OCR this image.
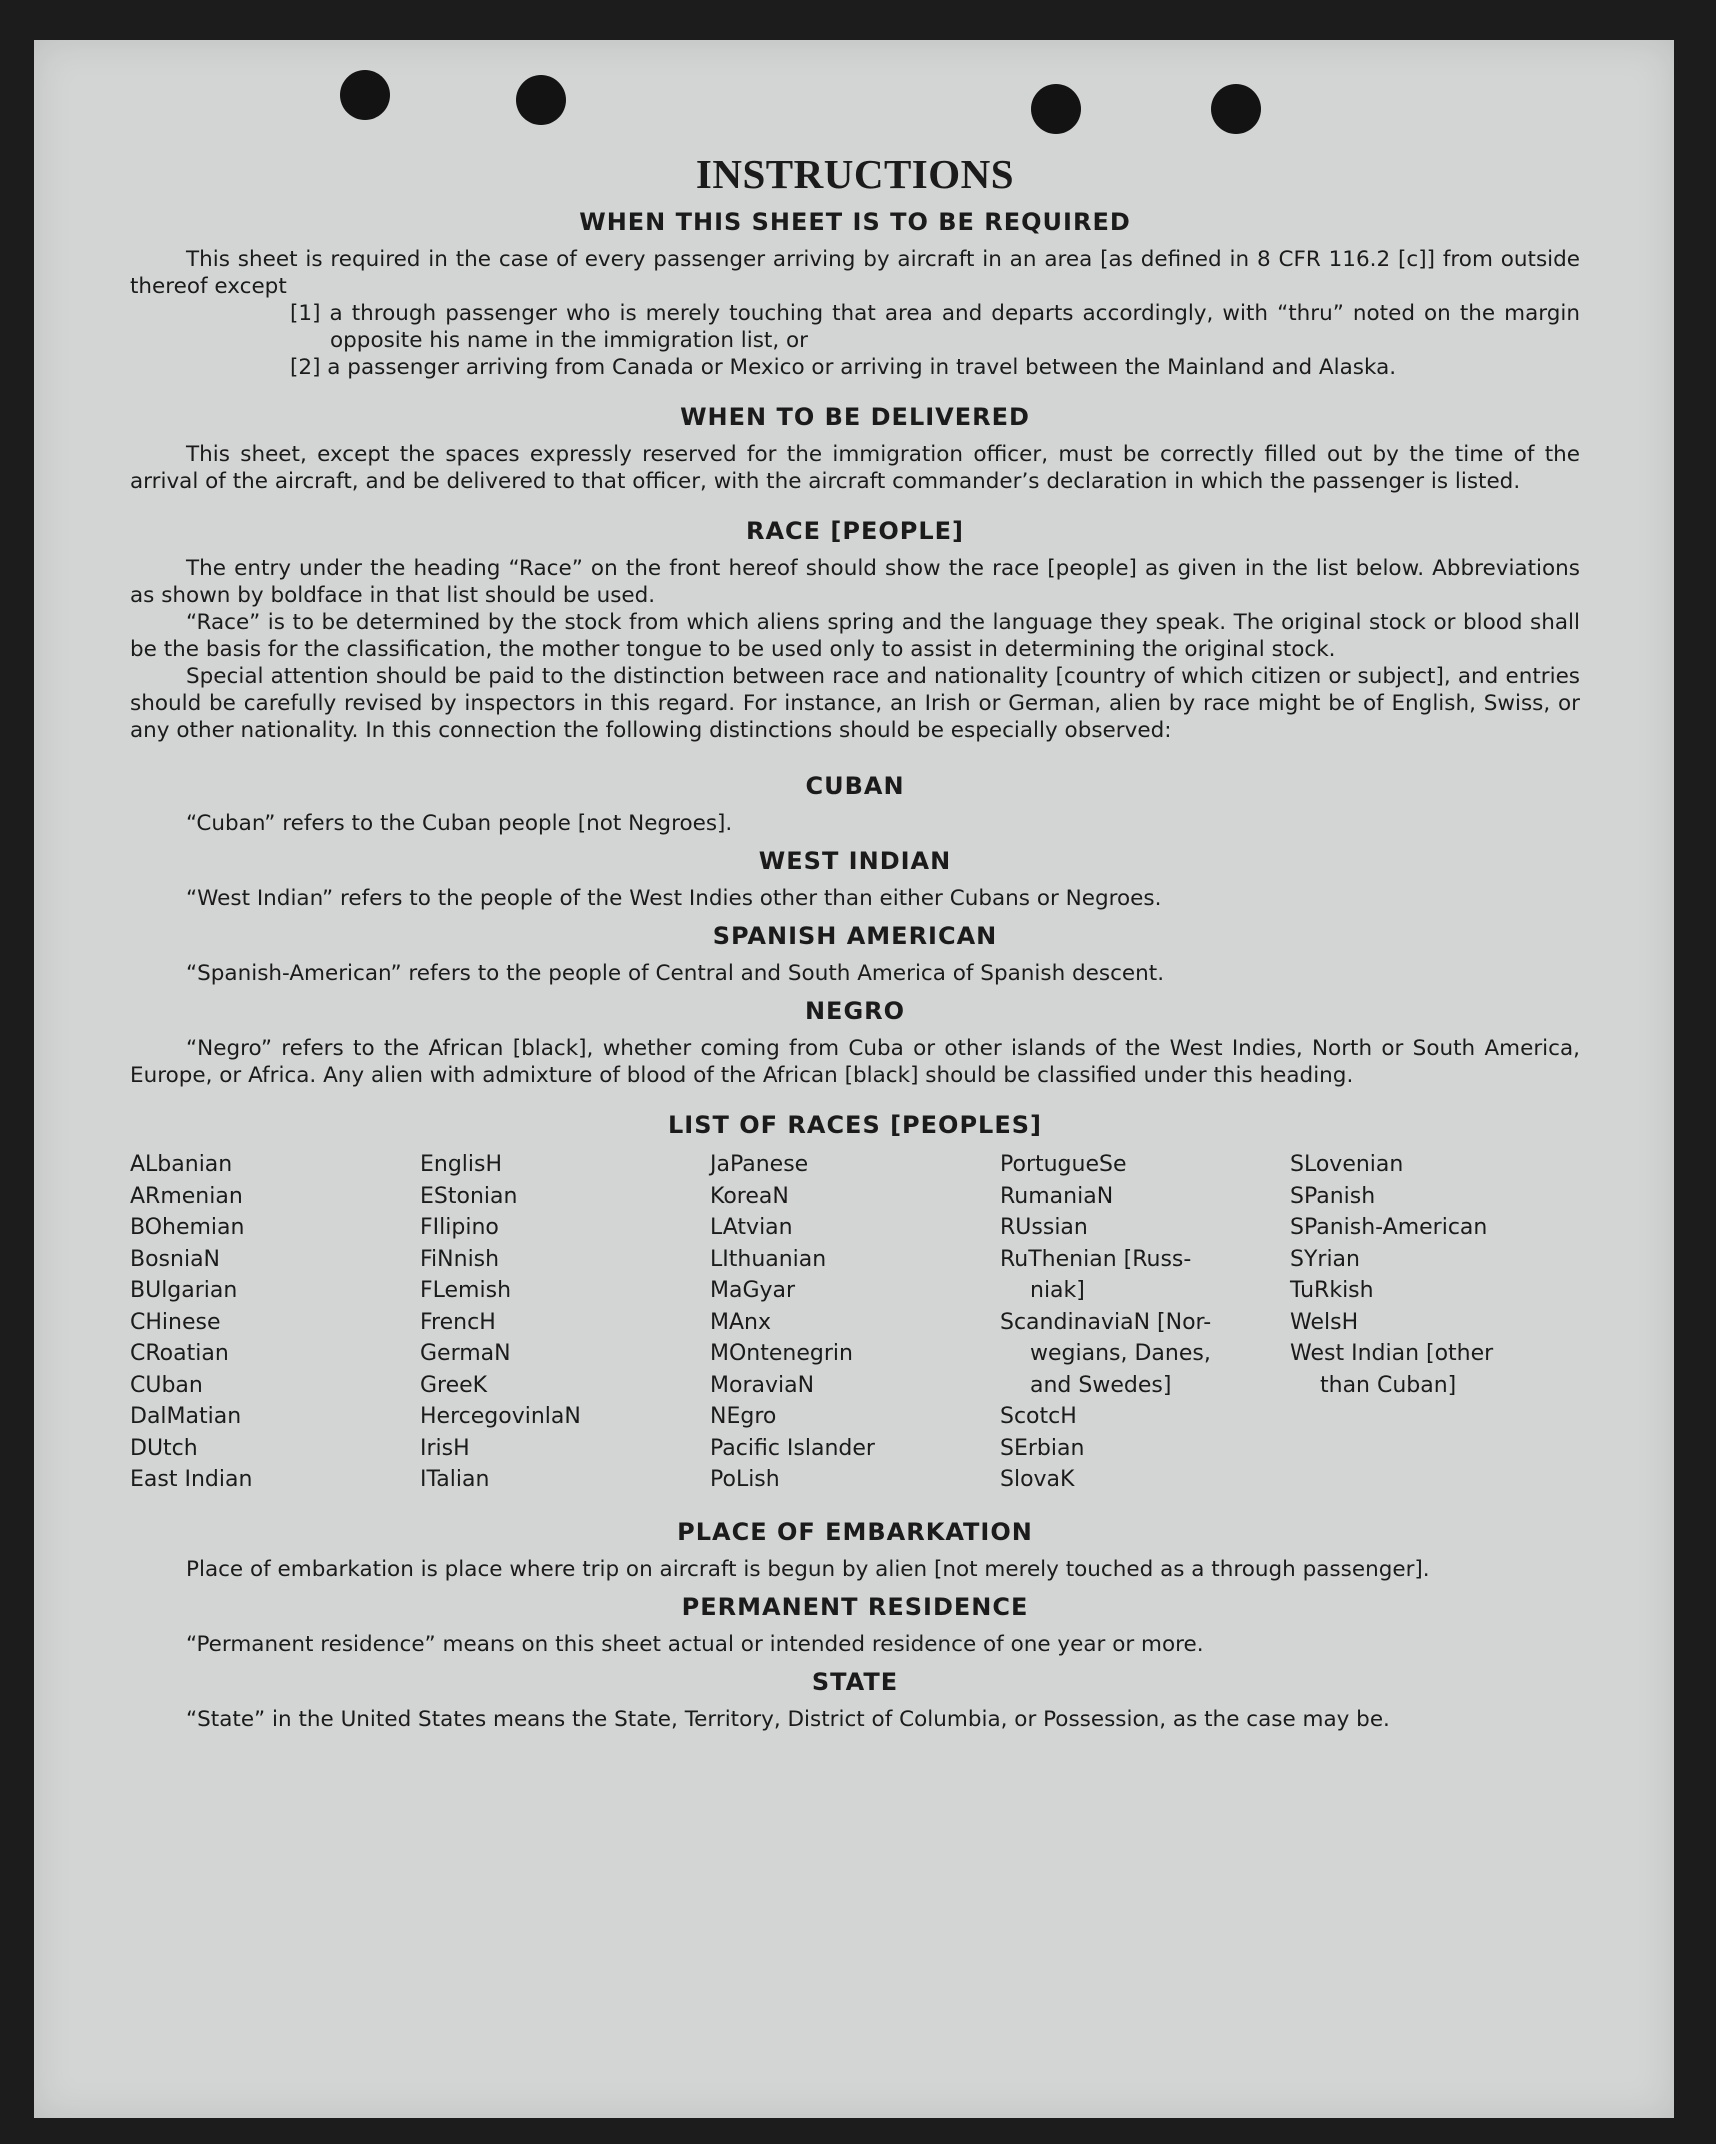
INSTRUCTIONS
WHEN THIS SHEET IS TO BE REQUIRED

This sheet is required in the case of every passenger arriving by aircraft in an area [as defined in 8 CFR 116.2 [c]] from outside thereof except

[1] a through passenger who is merely touching that area and departs accordingly, with “thru” noted on the margin opposite his name in the immigration list, or

[2] a passenger arriving from Canada or Mexico or arriving in travel between the Mainland and Alaska.

WHEN TO BE DELIVERED

This sheet, except the spaces expressly reserved for the immigration officer, must be correctly filled out by the time of the arrival of the aircraft, and be delivered to that officer, with the aircraft commander’s declaration in which the passenger is listed.

RACE [PEOPLE]

The entry under the heading “Race” on the front hereof should show the race [people] as given in the list below. Abbreviations as shown by boldface in that list should be used.

“Race” is to be determined by the stock from which aliens spring and the language they speak. The original stock or blood shall be the basis for the classification, the mother tongue to be used only to assist in determining the original stock.

Special attention should be paid to the distinction between race and nationality [country of which citizen or subject], and entries should be carefully revised by inspectors in this regard. For instance, an Irish or German, alien by race might be of English, Swiss, or any other nationality. In this connection the following distinctions should be especially observed:

CUBAN

“Cuban” refers to the Cuban people [not Negroes].

WEST INDIAN

“West Indian” refers to the people of the West Indies other than either Cubans or Negroes.

SPANISH AMERICAN

“Spanish-American” refers to the people of Central and South America of Spanish descent.

NEGRO

“Negro” refers to the African [black], whether coming from Cuba or other islands of the West Indies, North or South America, Europe, or Africa. Any alien with admixture of blood of the African [black] should be classified under this heading.

LIST OF RACES [PEOPLES]
ALbanian
ARmenian
BOhemian
BosniaN
BUlgarian
CHinese
CRoatian
CUban
DalMatian
DUtch
East Indian
EnglisH
EStonian
FIlipino
FiNnish
FLemish
FrencH
GermaN
GreeK
HercegovinlaN
IrisH
ITalian
JaPanese
KoreaN
LAtvian
LIthuanian
MaGyar
MAnx
MOntenegrin
MoraviaN
NEgro
Pacific Islander
PoLish
PortugueSe
RumaniaN
RUssian
RuThenian [Russ-
niak]
ScandinaviaN [Nor-
wegians, Danes,
and Swedes]
ScotcH
SErbian
SlovaK
SLovenian
SPanish
SPanish-American
SYrian
TuRkish
WelsH
West Indian [other
than Cuban]
PLACE OF EMBARKATION

Place of embarkation is place where trip on aircraft is begun by alien [not merely touched as a through passenger].

PERMANENT RESIDENCE

“Permanent residence” means on this sheet actual or intended residence of one year or more.

STATE

“State” in the United States means the State, Territory, District of Columbia, or Possession, as the case may be.
